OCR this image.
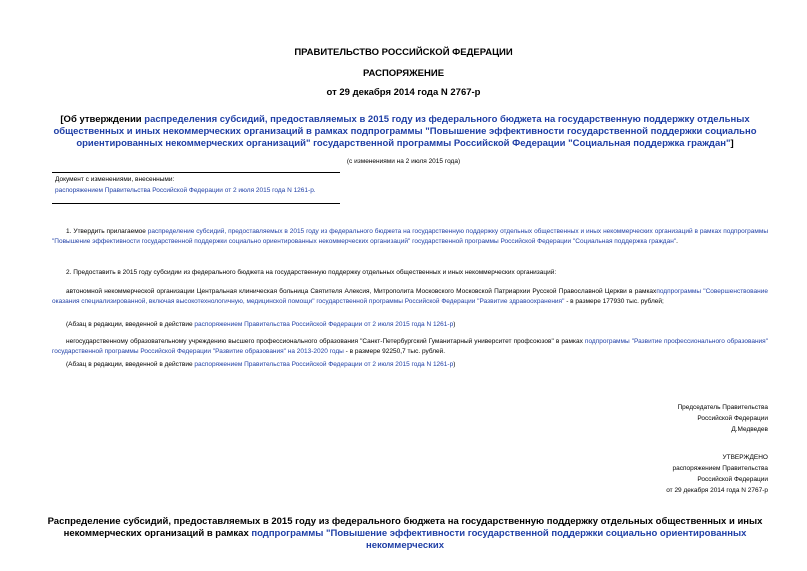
ПРАВИТЕЛЬСТВО РОССИЙСКОЙ ФЕДЕРАЦИИ
РАСПОРЯЖЕНИЕ
от 29 декабря 2014 года N 2767-р
[Об утверждении распределения субсидий, предоставляемых в 2015 году из федерального бюджета на государственную поддержку отдельных общественных и иных некоммерческих организаций в рамках подпрограммы "Повышение эффективности государственной поддержки социально ориентированных некоммерческих организаций" государственной программы Российской Федерации "Социальная поддержка граждан"]
(с изменениями на 2 июля 2015 года)
Документ с изменениями, внесенными:
распоряжением Правительства Российской Федерации от 2 июля 2015 года N 1261-р.
1. Утвердить прилагаемое распределение субсидий, предоставляемых в 2015 году из федерального бюджета на государственную поддержку отдельных общественных и иных некоммерческих организаций в рамках подпрограммы "Повышение эффективности государственной поддержки социально ориентированных некоммерческих организаций" государственной программы Российской Федерации "Социальная поддержка граждан".
2. Предоставить в 2015 году субсидии из федерального бюджета на государственную поддержку отдельных общественных и иных некоммерческих организаций:
автономной некоммерческой организации Центральная клиническая больница Святителя Алексия, Митрополита Московского Московской Патриархии Русской Православной Церкви в рамкахподпрограммы "Совершенствование оказания специализированной, включая высокотехнологичную, медицинской помощи" государственной программы Российской Федерации "Развитие здравоохранения" - в размере 177930 тыс. рублей;
(Абзац в редакции, введенной в действие распоряжением Правительства Российской Федерации от 2 июля 2015 года N 1261-р)
негосударственному образовательному учреждению высшего профессионального образования "Санкт-Петербургский Гуманитарный университет профсоюзов" в рамках подпрограммы "Развитие профессионального образования" государственной программы Российской Федерации "Развитие образования" на 2013-2020 годы - в размере 92250,7 тыс. рублей.
(Абзац в редакции, введенной в действие распоряжением Правительства Российской Федерации от 2 июля 2015 года N 1261-р)
Председатель Правительства
Российской Федерации
Д.Медведев
УТВЕРЖДЕНО
распоряжением Правительства
Российской Федерации
от 29 декабря 2014 года N 2767-р
Распределение субсидий, предоставляемых в 2015 году из федерального бюджета на государственную поддержку отдельных общественных и иных некоммерческих организаций в рамках подпрограммы "Повышение эффективности государственной поддержки социально ориентированных некоммерческих
